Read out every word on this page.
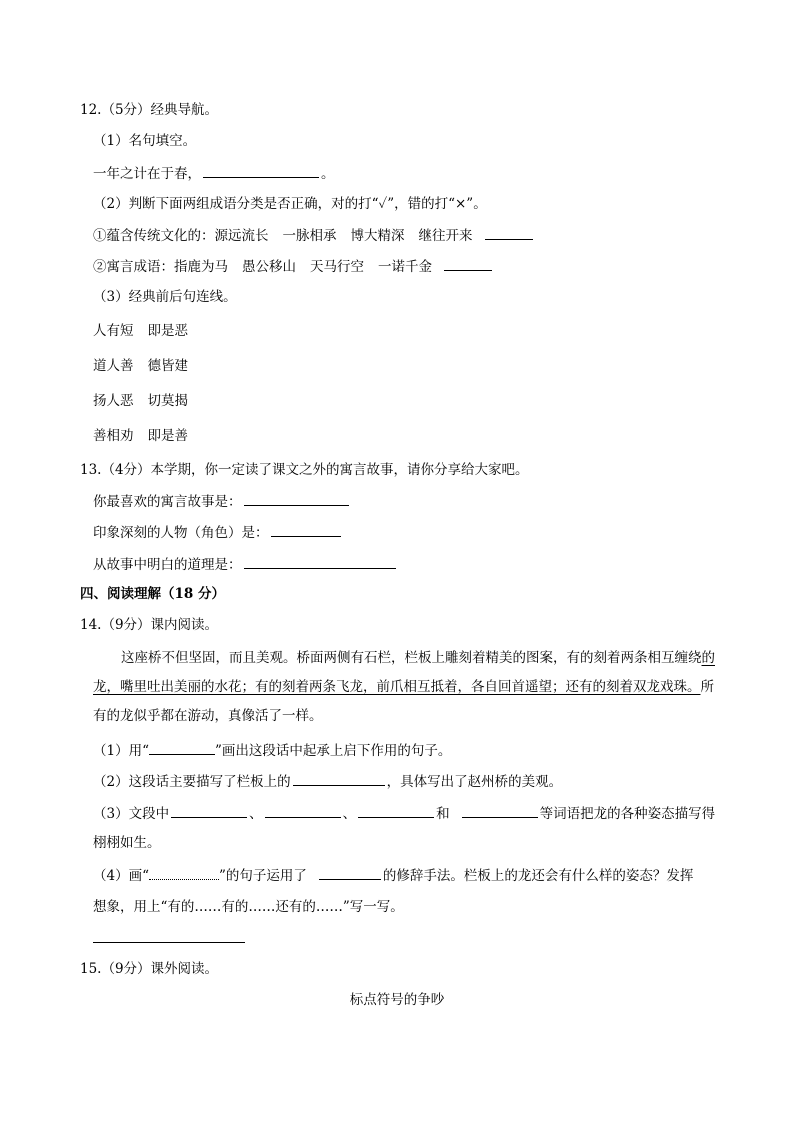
12.（5分）经典导航。
（1）名句填空。
一年之计在于春，	。
（2）判断下面两组成语分类是否正确，对的打“✓”，错的打“×”。
①蕴含传统文化的：源远流长 一脉相承 博大精深 继往开来
②寓言成语：指鹿为马 愚公移山 天马行空 一诺千金
（3）经典前后句连线。
人有短 即是恶
道人善 德皆建
扬人恶 切莫揭
善相劝 即是善
13.（4分）本学期，你一定读了课文之外的寓言故事，请你分享给大家吧。
你最喜欢的寓言故事是：
印象深刻的人物（角色）是：
从故事中明白的道理是：
四、阅读理解（18 分）
14.（9分）课内阅读。
这座桥不但坚固，而且美观。桥面两侧有石栏，栏板上雕刻着精美的图案，有的刻着两条相互缠绕的龙，嘴里吐出美丽的水花；有的刻着两条飞龙，前爪相互抵着，各自回首遥望；还有的刻着双龙戏珠。所有的龙似乎都在游动，真像活了一样。
（1）用“	”画出这段话中起承上启下作用的句子。
（2）这段话主要描写了栏板上的	，具体写出了赵州桥的美观。
（3）文段中	、	、	和	等词语把龙的各种姿态描写得
栩栩如生。
（4）画“	”的句子运用了	的修辞手法。栏板上的龙还会有什么样的姿态？发挥
想象，用上“有的……有的……还有的……”写一写。
15.（9分）课外阅读。
标点符号的争吵
